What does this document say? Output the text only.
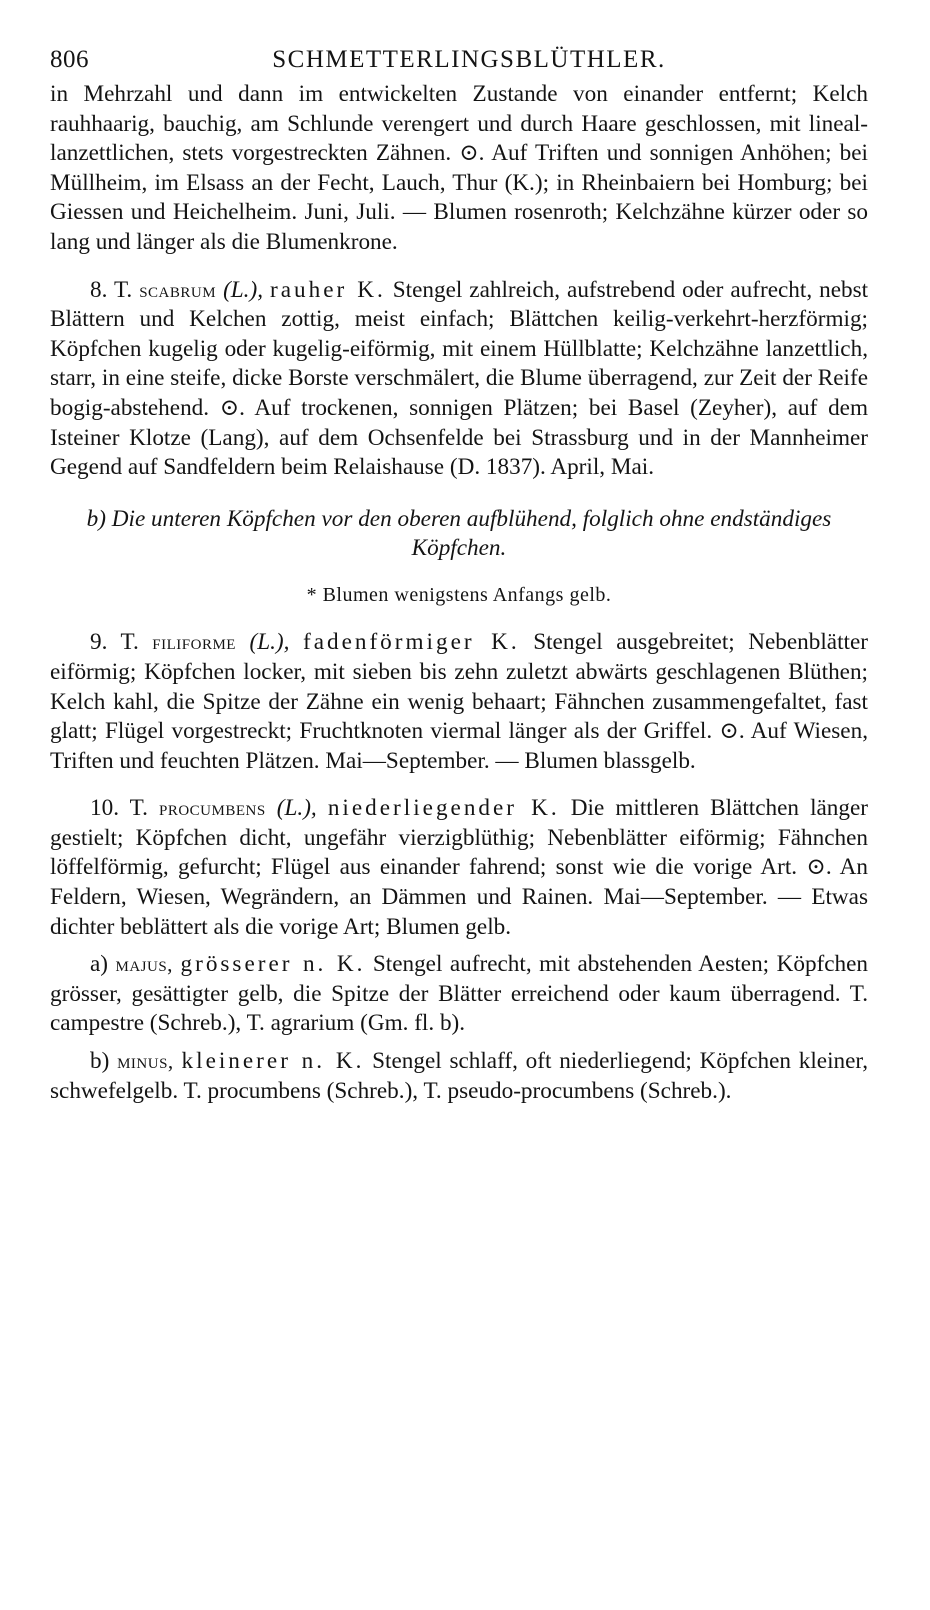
806	SCHMETTERLINGSBLÜTHLER.

in Mehrzahl und dann im entwickelten Zustande von einander entfernt; Kelch rauhhaarig, bauchig, am Schlunde verengert und durch Haare geschlossen, mit lineal-lanzettlichen, stets vorgestreckten Zähnen. ⊙. Auf Triften und sonnigen Anhöhen; bei Müllheim, im Elsass an der Fecht, Lauch, Thur (K.); in Rheinbaiern bei Homburg; bei Giessen und Heichelheim. Juni, Juli. — Blumen rosenroth; Kelchzähne kürzer oder so lang und länger als die Blumenkrone.

8. T. scabrum (L.), rauher K. Stengel zahlreich, aufstrebend oder aufrecht, nebst Blättern und Kelchen zottig, meist einfach; Blättchen keilig-verkehrt-herzförmig; Köpfchen kugelig oder kugelig-eiförmig, mit einem Hüllblatte; Kelchzähne lanzettlich, starr, in eine steife, dicke Borste verschmälert, die Blume überragend, zur Zeit der Reife bogig-abstehend. ⊙. Auf trockenen, sonnigen Plätzen; bei Basel (Zeyher), auf dem Isteiner Klotze (Lang), auf dem Ochsenfelde bei Strassburg und in der Mannheimer Gegend auf Sandfeldern beim Relaishause (D. 1837). April, Mai.

b) Die unteren Köpfchen vor den oberen aufblühend, folglich ohne endständiges Köpfchen.

* Blumen wenigstens Anfangs gelb.

9. T. filiforme (L.), fadenförmiger K. Stengel ausgebreitet; Nebenblätter eiförmig; Köpfchen locker, mit sieben bis zehn zuletzt abwärts geschlagenen Blüthen; Kelch kahl, die Spitze der Zähne ein wenig behaart; Fähnchen zusammengefaltet, fast glatt; Flügel vorgestreckt; Fruchtknoten viermal länger als der Griffel. ⊙. Auf Wiesen, Triften und feuchten Plätzen. Mai—September. — Blumen blassgelb.

10. T. procumbens (L.), niederliegender K. Die mittleren Blättchen länger gestielt; Köpfchen dicht, ungefähr vierzigblüthig; Nebenblätter eiförmig; Fähnchen löffelförmig, gefurcht; Flügel aus einander fahrend; sonst wie die vorige Art. ⊙. An Feldern, Wiesen, Wegrändern, an Dämmen und Rainen. Mai—September. — Etwas dichter beblättert als die vorige Art; Blumen gelb.

a) majus, grösserer n. K. Stengel aufrecht, mit abstehenden Aesten; Köpfchen grösser, gesättigter gelb, die Spitze der Blätter erreichend oder kaum überragend. T. campestre (Schreb.), T. agrarium (Gm. fl. b).

b) minus, kleinerer n. K. Stengel schlaff, oft niederliegend; Köpfchen kleiner, schwefelgelb. T. procumbens (Schreb.), T. pseudo-procumbens (Schreb.).
